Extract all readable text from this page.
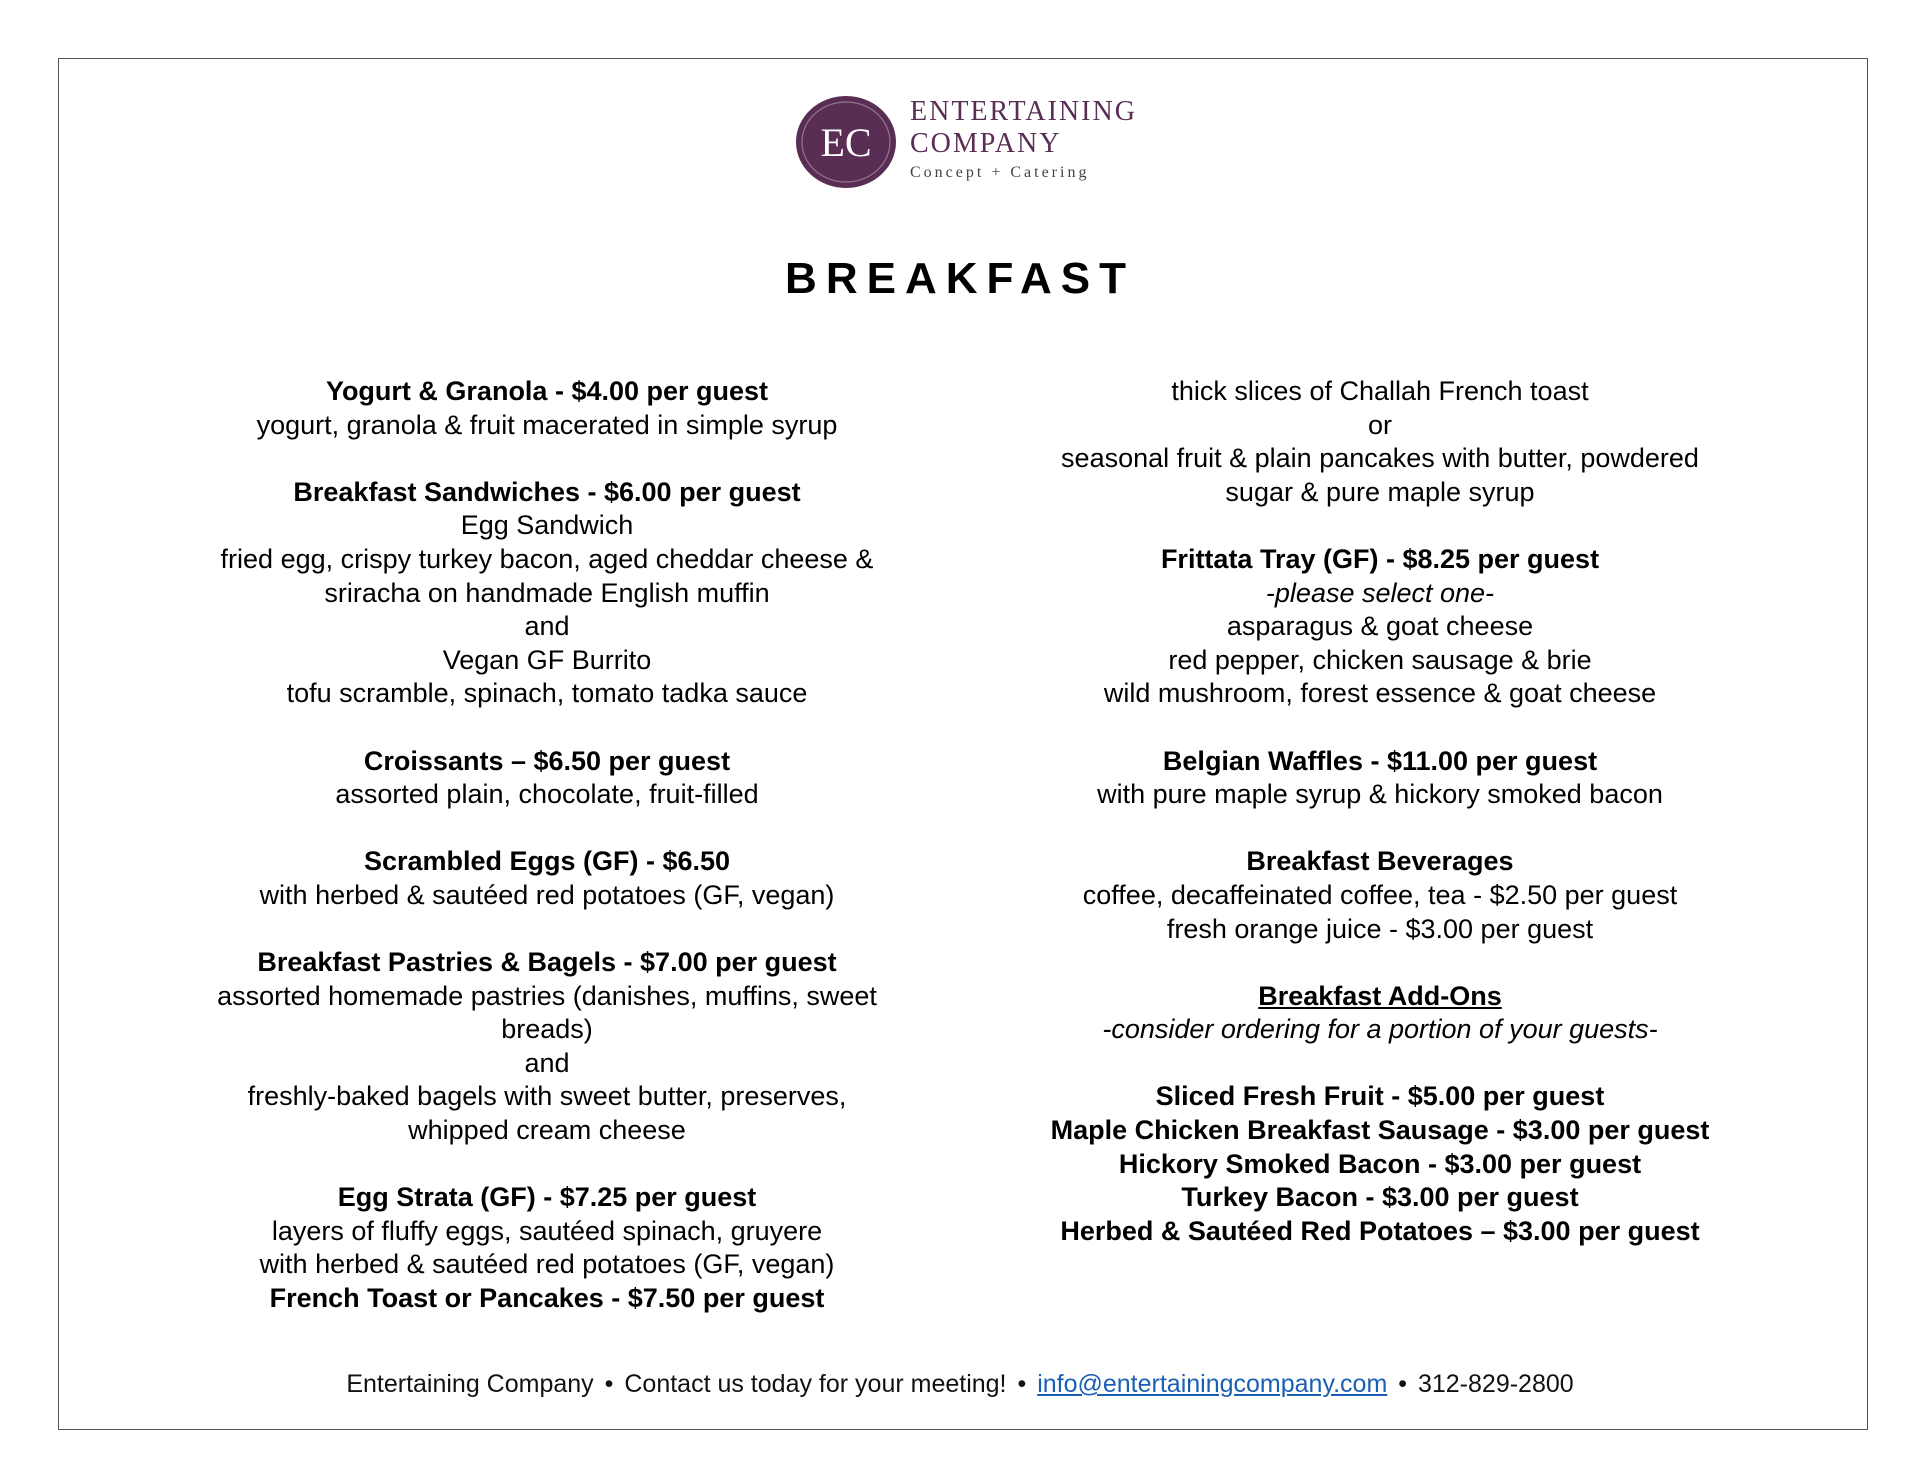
EC
ENTERTAINING
COMPANY
Concept + Catering
BREAKFAST
Yogurt & Granola - $4.00 per guest
yogurt, granola & fruit macerated in simple syrup
Breakfast Sandwiches - $6.00 per guest
Egg Sandwich
fried egg, crispy turkey bacon, aged cheddar cheese &
sriracha on handmade English muffin
and
Vegan GF Burrito
tofu scramble, spinach, tomato tadka sauce
Croissants – $6.50 per guest
assorted plain, chocolate, fruit-filled
Scrambled Eggs (GF) - $6.50
with herbed & sautéed red potatoes (GF, vegan)
Breakfast Pastries & Bagels - $7.00 per guest
assorted homemade pastries (danishes, muffins, sweet
breads)
and
freshly-baked bagels with sweet butter, preserves,
whipped cream cheese
Egg Strata (GF) - $7.25 per guest
layers of fluffy eggs, sautéed spinach, gruyere
with herbed & sautéed red potatoes (GF, vegan)
French Toast or Pancakes - $7.50 per guest
thick slices of Challah French toast
or
seasonal fruit & plain pancakes with butter, powdered
sugar & pure maple syrup
Frittata Tray (GF) - $8.25 per guest
-please select one-
asparagus & goat cheese
red pepper, chicken sausage & brie
wild mushroom, forest essence & goat cheese
Belgian Waffles - $11.00 per guest
with pure maple syrup & hickory smoked bacon
Breakfast Beverages
coffee, decaffeinated coffee, tea - $2.50 per guest
fresh orange juice - $3.00 per guest
Breakfast Add-Ons
-consider ordering for a portion of your guests-
Sliced Fresh Fruit - $5.00 per guest
Maple Chicken Breakfast Sausage - $3.00 per guest
Hickory Smoked Bacon - $3.00 per guest
Turkey Bacon - $3.00 per guest
Herbed & Sautéed Red Potatoes – $3.00 per guest
Entertaining Company • Contact us today for your meeting! • info@entertainingcompany.com • 312-829-2800
